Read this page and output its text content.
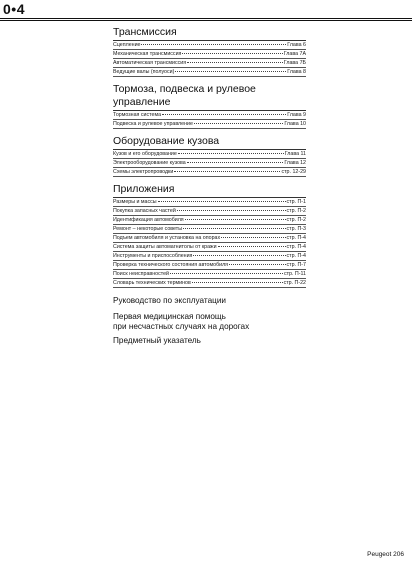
0•4
Трансмиссия
Сцепление	Глава 6
Механическая трансмиссия	Глава 7А
Автоматическая трансмиссия	Глава 7Б
Ведущие валы (полуоси)	Глава 8
Тормоза, подвеска и рулевое управление
Тормозная система	Глава 9
Подвеска и рулевое управление	Глава 10
Оборудование кузова
Кузов и его оборудование	Глава 11
Электрооборудование кузова	Глава 12
Схемы электропроводки	стр. 12-29
Приложения
Размеры и массы	стр. П-1
Покупка запасных частей	стр. П-2
Идентификация автомобиля	стр. П-2
Ремонт – некоторые советы	стр. П-3
Подъем автомобиля и установка на опорах	стр. П-4
Система защиты автомагнитолы от кражи	стр. П-4
Инструменты и приспособления	стр. П-4
Проверка технического состояния автомобиля	стр. П-7
Поиск неисправностей	стр. П-11
Словарь технических терминов	стр. П-22
Руководство по эксплуатации
Первая медицинская помощь
при несчастных случаях на дорогах
Предметный указатель
Peugeot 206
